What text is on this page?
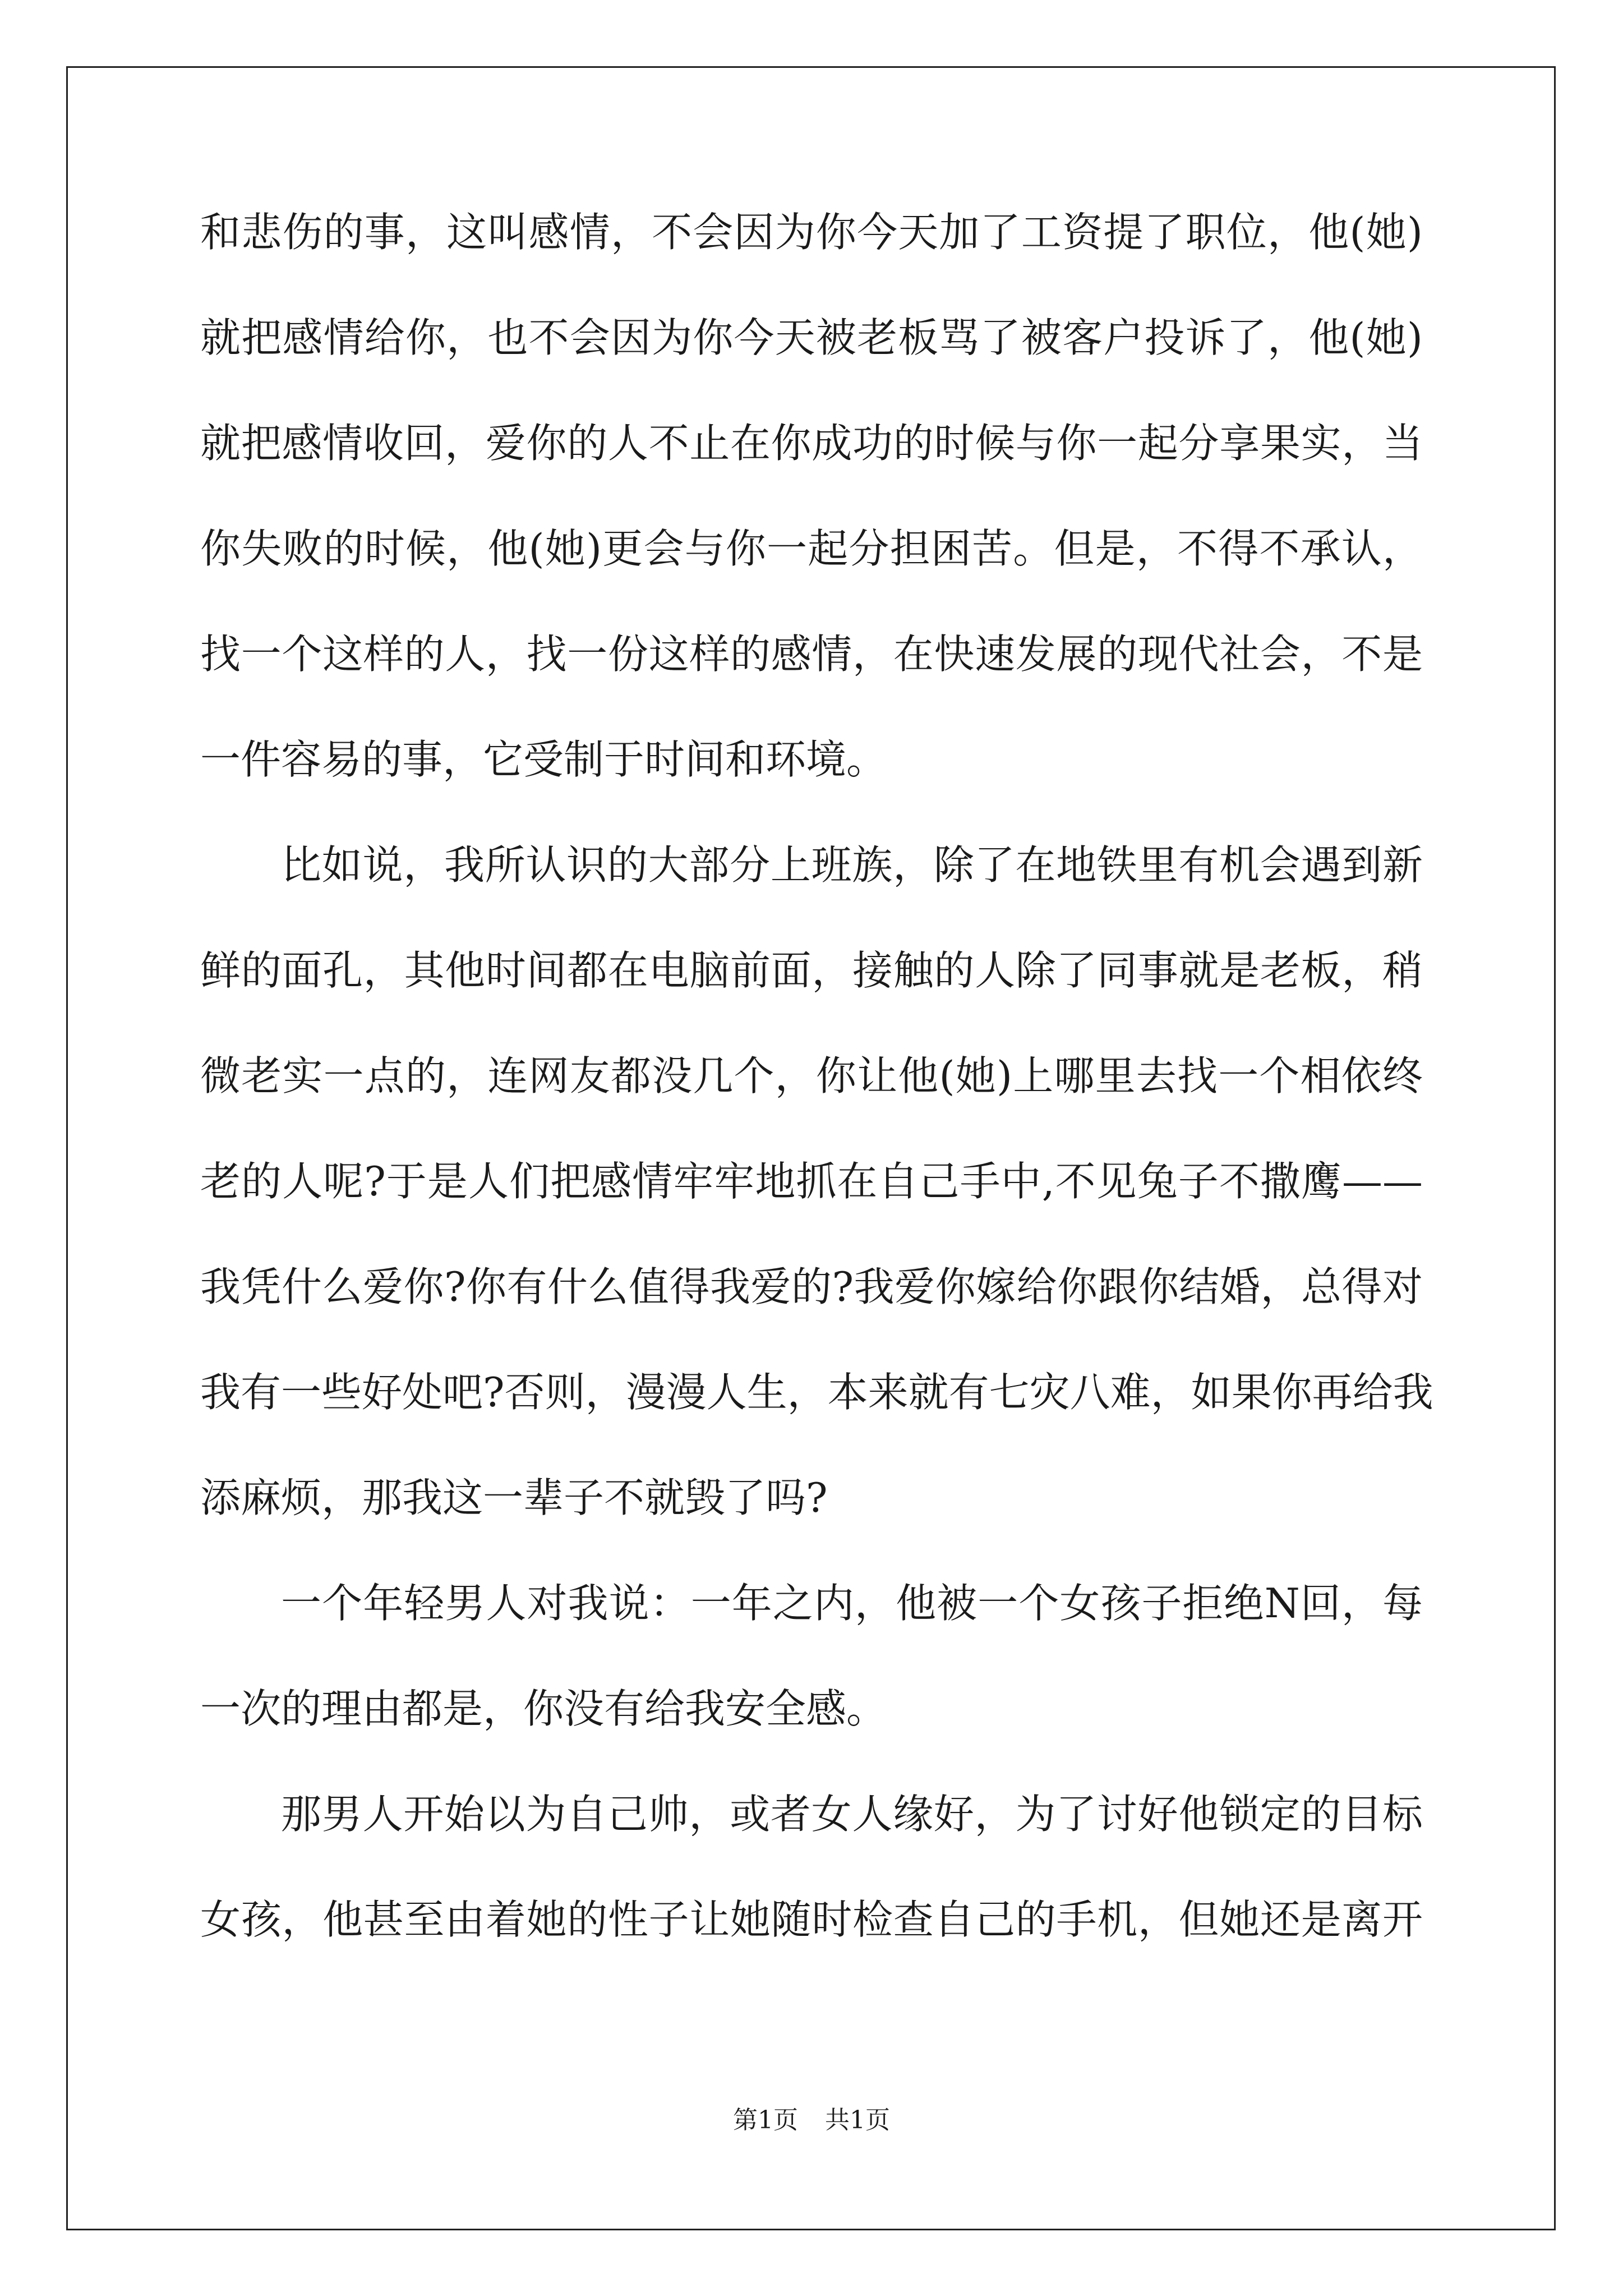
和悲伤的事，这叫感情，不会因为你今天加了工资提了职位，他(她)
就把感情给你，也不会因为你今天被老板骂了被客户投诉了，他(她)
就把感情收回，爱你的人不止在你成功的时候与你一起分享果实，当
你失败的时候，他(她)更会与你一起分担困苦。但是，不得不承认，
找一个这样的人，找一份这样的感情，在快速发展的现代社会，不是
一件容易的事，它受制于时间和环境。
比如说，我所认识的大部分上班族，除了在地铁里有机会遇到新
鲜的面孔，其他时间都在电脑前面，接触的人除了同事就是老板，稍
微老实一点的，连网友都没几个，你让他(她)上哪里去找一个相依终
老的人呢?于是人们把感情牢牢地抓在自己手中,不见兔子不撒鹰——
我凭什么爱你?你有什么值得我爱的?我爱你嫁给你跟你结婚，总得对
我有一些好处吧?否则，漫漫人生，本来就有七灾八难，如果你再给我
添麻烦，那我这一辈子不就毁了吗?
一个年轻男人对我说：一年之内，他被一个女孩子拒绝N回，每
一次的理由都是，你没有给我安全感。
那男人开始以为自己帅，或者女人缘好，为了讨好他锁定的目标
女孩，他甚至由着她的性子让她随时检查自己的手机，但她还是离开
第1页 共1页
